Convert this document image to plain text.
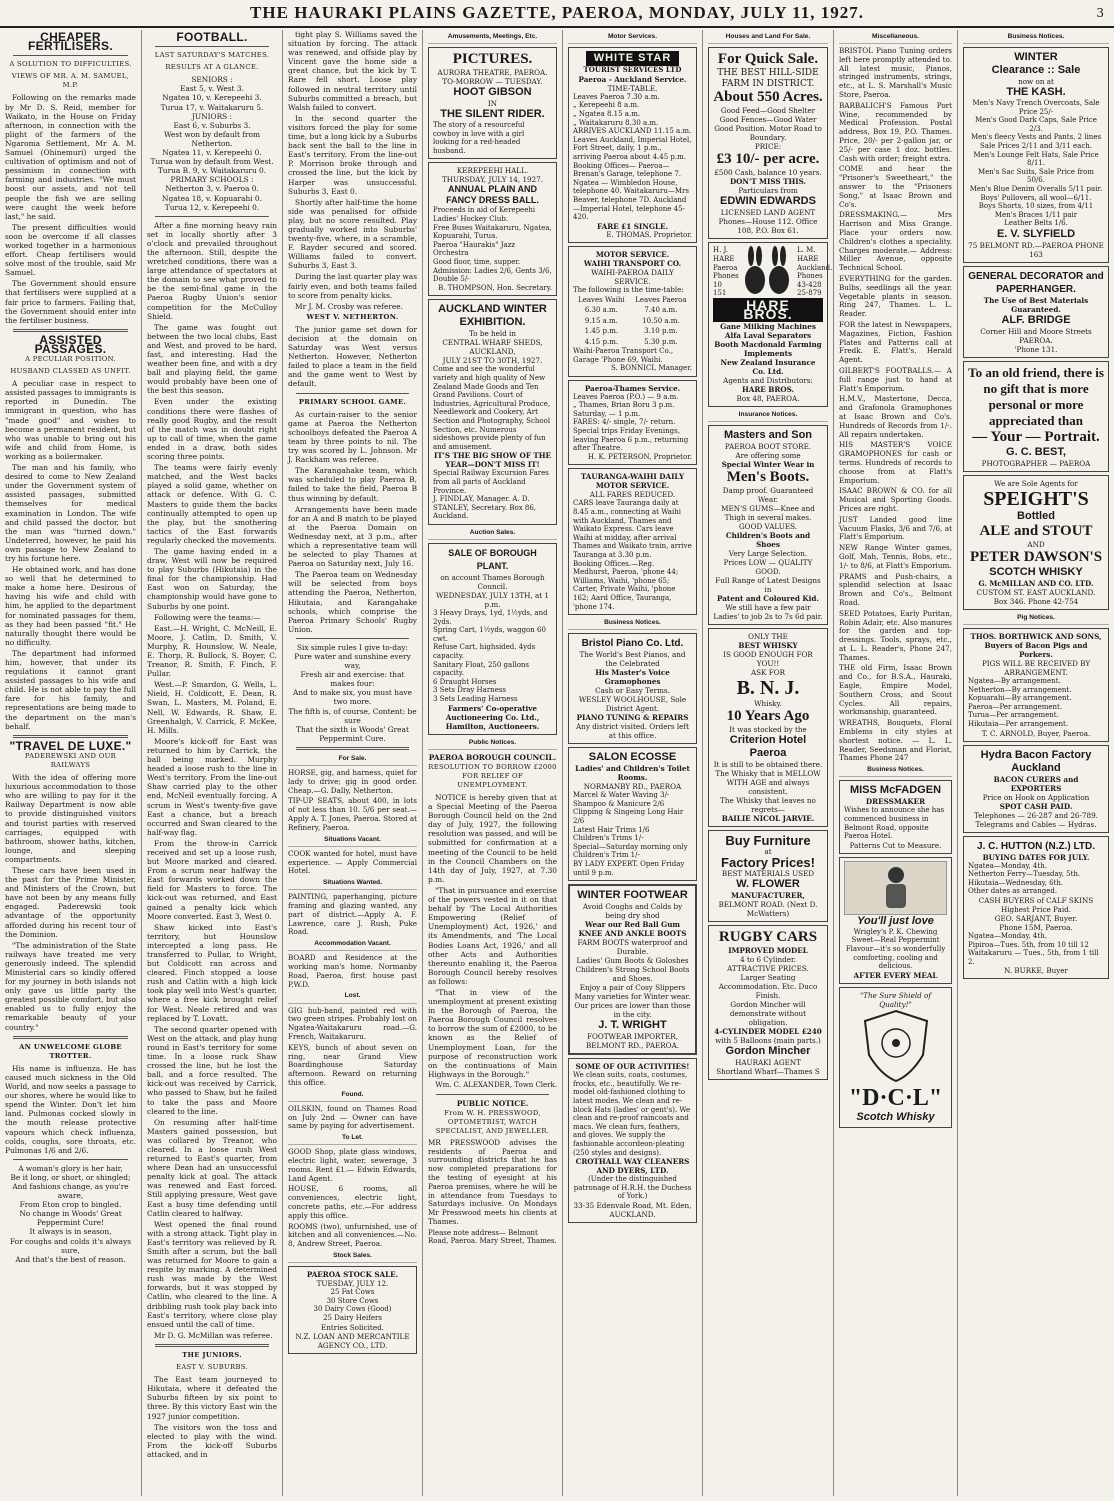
THE HAURAKI PLAINS GAZETTE, PAEROA, MONDAY, JULY 11, 1927.	3
CHEAPER FERTILISERS.
A SOLUTION TO DIFFICULTIES.
VIEWS OF MR. A. M. SAMUEL, M.P.

Following on the remarks made by Mr D. S. Reid, member for Waikato, in the House on Friday afternoon, in connection with the plight of the farmers of the Ngaroma Settlement, Mr A. M. Samuel (Ohinemuri) urged the cultivation of optimism and not of pessimism in connection with farming and industries. "We must boost our assets, and not tell people the fish we are selling were caught the week before last," he said.

The present difficulties would soon be overcome if all classes worked together in a harmonious effort. Cheap fertilisers would solve most of the trouble, said Mr Samuel.

The Government should ensure that fertilisers were supplied at a fair price to farmers. Failing that, the Government should enter into the fertiliser business.

ASSISTED PASSAGES.
A PECULIAR POSITION.
HUSBAND CLASSED AS UNFIT.

A peculiar case in respect to assisted passages to immigrants is reported in Dunedin. The immigrant in question, who has "made good" and wishes to become a permanent resident, but who was unable to bring out his wife and child from Home, is working as a boilermaker.

The man and his family, who desired to come to New Zealand under the Government system of assisted passages, submitted themselves for medical examination in London. The wife and child passed the doctor, but the man was "turned down." Undeterred, however, he paid his own passage to New Zealand to try his fortune here.

He obtained work, and has done so well that he determined to make a home here. Desirous of having his wife and child with him, he applied to the department for nominated passages for them, as they had been passed "fit." He naturally thought there would be no difficulty.

The department had informed him, however, that under its regulations it cannot grant assisted passages to his wife and child. He is not able to pay the full fare for his family, and representations are being made to the department on the man's behalf.

"TRAVEL DE LUXE."
PADEREWSKI AND OUR RAILWAYS

With the idea of offering more luxurious accommodation to those who are willing to pay for it the Railway Department is now able to provide distinguished visitors and tourist parties with reserved carriages, equipped with bathroom, shower baths, kitchen, lounge, and sleeping compartments.

These cars have been used in the past for the Prime Minister, and Ministers of the Crown, but have not been by any means fully engaged. Paderewski took advantage of the opportunity afforded during his recent tour of the Dominion.

"The administration of the State railways have treated me very generously indeed. The splendid Ministerial cars so kindly offered for my journey in both islands not only gave us little party the greatest possible comfort, but also enabled us to fully enjoy the remarkable beauty of your country."

AN UNWELCOME GLOBE TROTTER.

His name is influenza. He has caused much sickness in the Old World, and now seeks a passage to our shores, where he would like to spend the Winter. Don't let him land. Pulmonas cocked slowly in the mouth release protective vapours which check influenza, colds, coughs, sore throats, etc. Pulmonas 1/6 and 2/6.

A woman's glory is her hair,
Be it long, or short, or shingled;
And fashions change, as you're aware,
From Eton crop to bingled.
No change in Woods' Great Peppermint Cure!
It always is in season,
For coughs and colds it's always sure,
And that's the best of reason.
FOOTBALL.
LAST SATURDAY'S MATCHES.
RESULTS AT A GLANCE.
SENIORS :
East 5, v. West 3.
Ngatea 10, v. Kerepeehi 3.
Turua 17, v. Waitakaruru 5.
JUNIORS :
East 6, v. Suburbs 3.
West won by default from Netherton.
Ngatea 11, v. Kerepeehi 0.
Turua won by default from West.
Turua B. 9, v. Waitakaruru 0.
PRIMARY SCHOOLS :
Netherton 3, v. Paeroa 0.
Ngatea 18, v. Kopuarahi 0.
Turua 12, v. Kerepeehi 0.

After a fine morning heavy rain set in locally shortly after 3 o'clock and prevailed throughout the afternoon. Still, despite the wretched conditions, there was a large attendance of spectators at the domain to see what proved to be the semi-final game in the Paeroa Rugby Union's senior competition for the McCulloy Shield.

The game was fought out between the two local clubs, East and West, and proved to be hard, fast, and interesting. Had the weather been fine, and with a dry ball and playing field, the game would probably have been one of the best this season.

Even under the existing conditions there were flashes of really good Rugby, and the result of the match was in doubt right up to call of time, when the game ended in a draw, both sides scoring three points.

The teams were fairly evenly matched, and the West backs played a solid game, whether on attack or defence. With G. C. Masters to guide them the backs continually attempted to open up the play, but the smothering tactics of the East forwards regularly checked the movements.

The game having ended in a draw, West will now be required to play Suburbs (Hikutaia) in the final for the championship. Had East won on Saturday, the championship would have gone to Suburbs by one point.

Following were the teams:—

East.—H. Wright, C. McNeill, E. Moore, J. Catlin, D. Smith, V. Murphy, R. Hounslow, W. Neale, E. Thorp, R. Bullock, S. Boyer, C. Treanor, R. Smith, F. Finch, F. Pullar.

West.—P. Smardon, G. Wells, L. Nield, H. Coldicott, E. Dean, R. Swan, L. Masters, M. Poland, E. Nell, W. Edwards, R. Shaw, E. Greenhalgh, V. Carrick, F. McKee, H. Mills.

Moore's kick-off for East was returned to him by Carrick, the ball being marked. Murphy headed a loose rush to the line in West's territory. From the line-out Shaw carried play to the other end, McNeil eventually forcing. A scrum in West's twenty-five gave East a chance, but a breach occurred and Swan cleared to the half-way flag.

From the throw-in Carrick received and set up a loose rush, but Moore marked and cleared. From a scrum near halfway the East forwards worked down the field for Masters to force. The kick-out was returned, and East gained a penalty kick which Moore converted. East 3, West 0.

Shaw kicked into East's territory, but Hounslow intercepted a long pass. He transferred to Pullar, to Wright, but Coldicott ran across and cleared. Finch stopped a loose rush and Catlin with a high kick took play well into West's quarter, where a free kick brought relief for West. Neale retired and was replaced by T. Lovatt.

The second quarter opened with West on the attack, and play hung round in East's territory for some time. In a loose ruck Shaw crossed the line, but he lost the ball, and a force resulted. The kick-out was received by Carrick, who passed to Shaw, but he failed to take the pass and Moore cleared to the line.

On resuming after half-time Masters gained possession, but was collared by Treanor, who cleared. In a loose rush West returned to East's quarter, from where Dean had an unsuccessful penalty kick at goal. The attack was renewed and East forced. Still applying pressure, West gave East a busy time defending until Catlin cleared to halfway.

West opened the final round with a strong attack. Tight play in East's territory was relieved by R. Smith after a scrum, but the ball was returned for Moore to gain a respite by marking. A determined rush was made by the West forwards, but it was stopped by Catlin, who cleared to the line. A dribbling rush took play back into East's territory, where close play ensued until the call of time.

Mr D. G. McMillan was referee.

THE JUNIORS.
EAST V. SUBURBS.

The East team journeyed to Hikutaia, where it defeated the Suburbs fifteen by six point to three. By this victory East win the 1927 junior competition.

The visitors won the toss and elected to play with the wind. From the kick-off Suburbs attacked, and in

tight play S. Williams saved the situation by forcing. The attack was renewed, and offside play by Vincent gave the home side a great chance, but the kick by T. Rare fell short. Loose play followed in neutral territory until Suburbs committed a breach, but Walsh failed to convert.

In the second quarter the visitors forced the play for some time, but a long kick by a Suburbs back sent the ball to the line in East's territory. From the line-out P. Morrison broke through and crossed the line, but the kick by Harper was unsuccessful. Suburbs 3, East 0.

Shortly after half-time the home side was penalised for offside play, but no score resulted. Play gradually worked into Suburbs' twenty-five, where, in a scramble, F. Rayder secured and scored. Williams failed to convert. Suburbs 3, East 3.

During the last quarter play was fairly even, and both teams failed to score from penalty kicks.

Mr J. M. Crosby was referee.

WEST V. NETHERTON.

The junior game set down for decision at the domain on Saturday was West versus Netherton. However, Netherton failed to place a team in the field and the game went to West by default.

PRIMARY SCHOOL GAME.

As curtain-raiser to the senior game at Paeroa the Netherton schoolboys defeated the Paeroa A team by three points to nil. The try was scored by L. Johnson. Mr J. Rackham was referee.

The Karangahake team, which was scheduled to play Paeroa B, failed to take the field, Paeroa B thus winning by default.

Arrangements have been made for an A and B match to be played at the Paeroa Domain on Wednesday next, at 3 p.m., after which a representative team will be selected to play Thames at Paeroa on Saturday next, July 16.

The Paeroa team on Wednesday will be selected from boys attending the Paeroa, Netherton, Hikutaia, and Karangahake schools, which comprise the Paeroa Primary Schools' Rugby Union.

Six simple rules I give to-day:
Pure water and sunshine every way,
Fresh air and exercise: that makes four:
And to make six, you must have two more.
The fifth is, of course, Content: be sure
That the sixth is Woods' Great Peppermint Cure.
For Sale.
HORSE, gig, and harness, quiet for lady to drive; gig in good order. Cheap.—G. Dally, Netherton.
TIP-UP SEATS, about 400, in lots of not less than 10. 5/6 per seat.— Apply A. T. Jones, Paeroa. Stored at Refinery, Paeroa.
Situations Vacant.
COOK wanted for hotel, must have experience. — Apply Commercial Hotel.
Situations Wanted.
PAINTING, paperhanging, picture framing and glazing wanted, any part of district.—Apply A. F. Lawrence, care J. Rush, Puke Road.
Accommodation Vacant.
BOARD and Residence at the working man's home. Normanby Road, Paeroa, first house past P.W.D.
Lost.
GIG hub-band, painted red with two green stripes. Probably lost on Ngatea-Waitakaruru road.—G. French, Waitakaruru.
KEYS, bunch of about seven on ring, near Grand View Boardinghouse Saturday afternoon. Reward on returning this office.
Found.
OILSKIN, found on Thames Road on July 2nd — Owner can have same by paying for advertisement.
To Let.
GOOD Shop, plate glass windows, electric light, water, sewerage, 3 rooms. Rent £1.— Edwin Edwards, Land Agent.
HOUSE, 6 rooms, all conveniences, electric light, concrete paths, etc.—For address apply this office.
ROOMS (two), unfurnished, use of kitchen and all conveniences.—No. 8, Andrew Street, Paeroa.
Stock Sales.
PAEROA STOCK SALE.
TUESDAY, JULY 12.
25 Fat Cows
30 Store Cows
30 Dairy Cows (Good)
25 Dairy Heifers
Entries Solicited.
N.Z. LOAN AND MERCANTILE AGENCY CO., LTD.
Amusements, Meetings, Etc.
PICTURES.
AURORA THEATRE, PAEROA.
TO-MORROW — TUESDAY.
HOOT GIBSON
IN
THE SILENT RIDER.
The story of a resourceful cowboy in love with a girl looking for a red-headed husband.
KEREPEEHI HALL.
THURSDAY, JULY 14, 1927.
ANNUAL PLAIN AND FANCY DRESS BALL.
Proceeds in aid of Kerepeehi Ladies' Hockey Club.
Free Buses Waitakaruru, Ngatea, Kopuarahi, Turua.
Paeroa "Haurakis" Jazz Orchestra
Good floor, time, supper.
Admission: Ladies 2/6, Gents 3/6, Double 5/-
B. THOMPSON, Hon. Secretary.
AUCKLAND WINTER
EXHIBITION.
To be held in
CENTRAL WHARF SHEDS, AUCKLAND,
JULY 21ST TO 30TH, 1927.
Come and see the wonderful variety and high quality of New Zealand Made Goods and Ten Grand Pavilions. Court of Industries, Agricultural Produce, Needlework and Cookery, Art Section and Photography, School Section, etc. Numerous sideshows provide plenty of fun and amusement.
IT'S THE BIG SHOW OF THE YEAR—DON'T MISS IT!
Special Railway Excursion Fares from all parts of Auckland Province.
J. FINDLAY, Manager. A. D. STANLEY, Secretary. Box 86, Auckland.
Auction Sales.
SALE OF BOROUGH PLANT.
on account Thames Borough Council.
WEDNESDAY, JULY 13TH, at 1 p.m.
3 Heavy Drays, 1yd, 1½yds, and 2yds.
Spring Cart, 1½yds, waggon 60 cwt.
Refuse Cart, highsided, 4yds capacity.
Sanitary Float, 250 gallons capacity.
6 Draught Horses
3 Sets Dray Harness
3 Sets Leading Harness
Farmers' Co-operative Auctioneering Co. Ltd., Hamilton, Auctioneers.
Public Notices.
PAEROA BOROUGH COUNCIL.
RESOLUTION TO BORROW £2000 FOR RELIEF OF UNEMPLOYMENT.

NOTICE is hereby given that at a Special Meeting of the Paeroa Borough Council held on the 2nd day of July, 1927, the following resolution was passed, and will be submitted for confirmation at a meeting of the Council to be held in the Council Chambers on the 14th day of July, 1927, at 7.30 p.m.

"That in pursuance and exercise of the powers vested in it on that behalf by 'The Local Authorities Empowering (Relief of Unemployment) Act, 1926,' and its Amendments, and 'The Local Bodies Loans Act, 1926,' and all other Acts and Authorities thereunto enabling it, the Paeroa Borough Council hereby resolves as follows:

"That in view of the unemployment at present existing in the Borough of Paeroa, the Paeroa Borough Council resolves to borrow the sum of £2000, to be known as the Relief of Unemployment Loan, for the purpose of reconstruction work on the continuations of Main Highways in the Borough."

Wm. C. ALEXANDER, Town Clerk.
PUBLIC NOTICE.
From W. H. PRESSWOOD, OPTOMETRIST, WATCH SPECIALIST, AND JEWELLER.
MR PRESSWOOD advises the residents of Paeroa and surrounding districts that he has now completed preparations for the testing of eyesight at his Paeroa premises, where he will be in attendance from Tuesdays to Saturdays inclusive. On Mondays Mr Presswood meets his clients at Thames.
Please note address— Belmont Road, Paeroa. Mary Street, Thames.
Motor Services.
WHITE STAR
TOURIST SERVICES LTD
Paeroa - Auckland Service.
TIME-TABLE.
Leaves Paeroa 7.30 a.m.
„ Kerepeehi 8 a.m.
„ Ngatea 8.15 a.m.
„ Waitakaruru 8.30 a.m.
ARRIVES AUCKLAND 11.15 a.m.
Leaves Auckland, Imperial Hotel, Fort Street, daily, 1 p.m., arriving Paeroa about 4.45 p.m.
Booking Offices— Paeroa—Brenan's Garage, telephone 7. Ngatea — Wimbledon House, telephone 40. Waitakaruru—Mrs Beaver, telephone 7D. Auckland—Imperial Hotel, telephone 45-420.
FARE £1 SINGLE.
E. THOMAS, Proprietor.
MOTOR SERVICE.
WAIHI TRANSPORT CO.
WAIHI-PAEROA DAILY SERVICE.
The following is the time-table:
Leaves Waihi	Leaves Paeroa
6.30 a.m.	7.40 a.m.
9.15 a.m.	10.50 a.m.
1.45 p.m.	3.10 p.m.
4.15 p.m.	5.30 p.m.
Waihi-Paeroa Transport Co., Garage 'Phone 69, Waihi.
S. BONNICI, Manager.
Paeroa-Thames Service.
Leaves Paeroa (P.O.) — 9 a.m.
„ Thames, Brian Boru 3 p.m.
Saturday, — 1 p.m.
FARES: 4/- single, 7/- return.
Special trips Friday Evenings, leaving Paeroa 6 p.m., returning after Theatre.
H. K. PETERSON, Proprietor.
TAURANGA-WAIHI DAILY MOTOR SERVICE.
ALL FARES REDUCED.
CARS leave Tauranga daily at 8.45 a.m., connecting at Waihi with Auckland, Thames and Waikato Express. Cars leave Waihi at midday, after arrival Thames and Waikato train, arrive Tauranga at 3.30 p.m.
Booking Offices.—Reg. Medhurst, Paeroa, 'phone 44; Williams, Waihi, 'phone 65; Carter, Private Waihi, 'phone 162; Aard Office, Tauranga, 'phone 174.
Business Notices.
Bristol Piano Co. Ltd.
The World's Best Pianos, and the Celebrated
His Master's Voice Gramophones
Cash or Easy Terms.
WESLEY WOOLHOUSE, Sole District Agent.
PIANO TUNING & REPAIRS
Any district visited. Orders left at this office.
SALON ECOSSE
Ladies' and Children's Toilet Rooms.
NORMANBY RD., PAEROA
Marcel & Water Waving 3/-
Shampoo & Manicure 2/6
Clipping & Singeing Long Hair 2/6
Latest Hair Trims 1/6
Children's Trims 1/-
Special—Saturday morning only Children's Trim 1/-
BY LADY EXPERT. Open Friday until 9 p.m.
WINTER FOOTWEAR
Avoid Coughs and Colds by being dry shod
Wear our Red Ball Gum KNEE AND ANKLE BOOTS
FARM BOOTS waterproof and Durable.
Ladies' Gum Boots & Goloshes Children's Strong School Boots and Shoes.
Enjoy a pair of Cosy Slippers Many varieties for Winter wear.
Our prices are lower than those in the city.
J. T. WRIGHT
FOOTWEAR IMPORTER, BELMONT RD., PAEROA.
SOME OF OUR ACTIVITIES!
We clean suits, coats, costumes, frocks, etc., beautifully. We re-model old-fashioned clothing to latest modes. We clean and re-block Hats (ladies' or gent's). We clean and re-proof raincoats and macs. We clean furs, feathers, and gloves. We supply the fashionable accordeon-pleating (250 styles and designs).
CROTHALL WAY CLEANERS AND DYERS, LTD.
(Under the distinguished patronage of H.R.H. the Duchess of York.)
33-35 Edenvale Road, Mt. Eden, AUCKLAND.
Houses and Land For Sale.
For Quick Sale.
THE BEST HILL-SIDE FARM IN DISTRICT.
About 550 Acres.
Good Feed—Good Shelter Good Fences—Good Water Good Position. Motor Road to Boundary.
PRICE:
£3 10/- per acre.
£500 Cash, balance 10 years.
DON'T MISS THIS.
Particulars from
EDWIN EDWARDS
LICENSED LAND AGENT
Phones—House 112. Office 108, P.O. Box 61.
H. J. HARE Paeroa Phones 10 151
L. M. HARE Auckland. Phones 43-428 25-879
HARE BROS.
Gane Milking Machines
Alfa Laval Separators
Booth Macdonald Farming Implements
New Zealand Insurance Co. Ltd.
Agents and Distributors:
HARE BROS.
Box 48, PAEROA.
Insurance Notices.
Masters and Son
PAEROA BOOT STORE.
Are offering some
Special Winter Wear in
Men's Boots.
Damp proof. Guaranteed Wear.
MEN'S GUMS—Knee and Thigh in several makes.
GOOD VALUES.
Children's Boots and Shoes
Very Large Selection.
Prices LOW — QUALITY GOOD.
Full Range of Latest Designs in
Patent and Coloured Kid.
We still have a few pair Ladies' to job 2s to 7s 6d pair.
ONLY THE
BEST WHISKY
IS GOOD ENOUGH FOR YOU!!
ASK FOR
B. N. J.
Whisky.
10 Years Ago
It was stocked by the
Criterion Hotel
Paeroa
It is still to be obtained there.
The Whisky that is MELLOW WITH AGE and always consistent.
The Whisky that leaves no regrets—
BAILIE NICOL JARVIE.
Buy Furniture
at
Factory Prices!
BEST MATERIALS USED
W. FLOWER
MANUFACTURER,
BELMONT ROAD. (Next D. McWatters)
RUGBY CARS
IMPROVED MODEL
4 to 6 Cylinder.
ATTRACTIVE PRICES.
Larger Seating Accommodation. Etc. Duco Finish.
Gordon Mincher will demonstrate without obligation.
4-CYLINDER MODEL £240
with 5 Balloons (main parts.)
Gordon Mincher
HAURAKI AGENT
Shortland Wharf—Thames S
Miscellaneous.
BRISTOL Piano Tuning orders left here promptly attended to. All latest music, Pianos, stringed instruments, strings, etc., at L. S. Marshall's Music Store, Paeroa.
BARBALICH'S Famous Port Wine, recommended by Medical Profession. Postal address, Box 19, P.O. Thames. Price, 20/- per 2-gallon jar, or 25/- per case 1 doz. bottles. Cash with order; freight extra.
COME and hear the "Prisoner's Sweetheart," the answer to the "Prisoners Song," at Isaac Brown and Co's.
DRESSMAKING.— Mrs Harrison and Miss Grange. Place your orders now. Children's clothes a speciality. Charges moderate.— Address: Miller Avenue, opposite Technical School.
EVERYTHING for the garden. Bulbs, seedlings all the year. Vegetable plants in season. Ring 247, Thames. L. L. Reader.
FOR the latest in Newspapers, Magazines, Fiction, Fashion Plates and Patterns call at Fredk. E. Flatt's, Herald Agent.
GILBERT'S FOOTBALLS.— A full range just to hand at Flatt's Emporium.
H.M.V., Mastertone, Decca, and Grafonola Gramophones at Isaac Brown and Co's. Hundreds of Records from 1/-. All repairs undertaken.
HIS MASTER'S VOICE GRAMOPHONES for cash or terms. Hundreds of records to choose from at Flatt's Emporium.
ISAAC BROWN & CO. for all Musical and Sporting Goods. Prices are right.
JUST Landed good line Vacuum Flasks, 3/6 and 7/6, at Flatt's Emporium.
NEW Range Winter games, Golf, Mah, Tennis, Bobs, etc., 1/- to 8/6, at Flatt's Emporium.
PRAMS and Push-chairs, a splendid selection at Isaac Brown and Co's., Belmont Road.
SEED Potatoes, Early Puritan, Robin Adair, etc. Also manures for the garden and top-dressings. Tools, sprays, etc., at L. L. Reader's, Phone 247, Thames.
THE old Firm, Isaac Brown and Co., for B.S.A., Hauraki, Eagle, Empire Model, Southern Cross, and Scout Cycles. All repairs, workmanship, guaranteed.
WREATHS, Bouquets, Floral Emblems in city styles at shortest notice. — L. L. Reader, Seedsman and Florist, Thames Phone 247
Business Notices.
MISS McFADGEN
DRESSMAKER
Wishes to announce she has commenced business in Belmont Road, opposite Paeroa Hotel.
Patterns Cut to Measure.
You'll just love
Wrigley's P. K. Chewing Sweet—Real Peppermint Flavour—it's so wonderfully comforting, cooling and delicious.
AFTER EVERY MEAL
"The Sure Shield of Quality!"
"D·C·L"
Scotch Whisky
Business Notices.
WINTER
Clearance :: Sale
now on at
THE KASH.
Men's Navy Trench Overcoats, Sale Price 25/-
Men's Good Dark Caps, Sale Price 2/3.
Men's fleecy Vests and Pants, 2 lines
Sale Prices 2/11 and 3/11 each.
Men's Lounge Felt Hats, Sale Price 8/11.
Men's Sac Suits, Sale Price from 50/6.
Men's Blue Denim Overalls 5/11 pair.
Boys' Pullovers, all wool—6/11.
Boys Shorts, 10 sizes, from 4/11
Men's Braces 1/11 pair
Leather Belts 1/6.
E. V. SLYFIELD
75 BELMONT RD.—PAEROA PHONE 163
GENERAL DECORATOR and PAPERHANGER.
The Use of Best Materials Guaranteed.
ALF. BRIDGE
Corner Hill and Moore Streets PAEROA.
'Phone 131.
To an old friend, there is no gift that is more personal or more appreciated than
— Your — Portrait.
G. C. BEST,
PHOTOGRAPHER — PAEROA
We are Sole Agents for
SPEIGHT'S
Bottled
ALE and STOUT
AND
PETER DAWSON'S
SCOTCH WHISKY
G. McMILLAN AND CO. LTD.
CUSTOM ST. EAST AUCKLAND.
Box 346. Phone 42-754
Pig Notices.
THOS. BORTHWICK AND SONS, Buyers of Bacon Pigs and Porkers.
PIGS WILL BE RECEIVED BY ARRANGEMENT.
Ngatea—By arrangement.
Netherton—By arrangement.
Kopuarahi—By arrangement.
Paeroa—Per arrangement.
Turua—Per arrangement.
Hikutaia—Per arrangement.
T. C. ARNOLD, Buyer, Paeroa.
Hydra Bacon Factory Auckland
BACON CURERS and EXPORTERS
Price on Hook on Application
SPOT CASH PAID.
Telephones — 26-287 and 26-789. Telegrams and Cables — Hydras.
J. C. HUTTON (N.Z.) LTD.
BUYING DATES FOR JULY.
Ngatea—Monday, 4th.
Netherton Ferry—Tuesday, 5th.
Hikutaia—Wednesday, 6th.
Other dates as arranged.
CASH BUYERS of CALF SKINS Highest Price Paid.
GEO. SARJANT, Buyer.
Phone 15M, Paeroa.
Ngatea—Monday, 4th.
Pipiroa—Tues. 5th, from 10 till 12
Waitakaruru — Tues., 5th, from 1 till 2.
N. BURKE, Buyer
